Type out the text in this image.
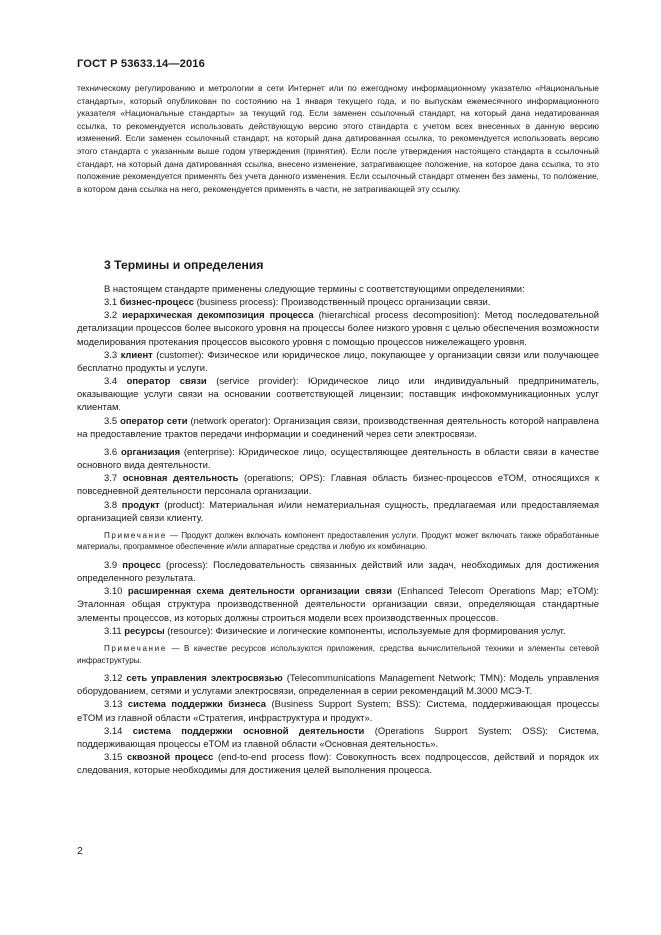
ГОСТ Р 53633.14—2016
техническому регулированию и метрологии в сети Интернет или по ежегодному информационному указателю «Национальные стандарты», который опубликован по состоянию на 1 января текущего года, и по выпускам ежемесячного информационного указателя «Национальные стандарты» за текущий год. Если заменен ссылочный стандарт, на который дана недатированная ссылка, то рекомендуется использовать действующую версию этого стандарта с учетом всех внесенных в данную версию изменений. Если заменен ссылочный стандарт, на который дана датированная ссылка, то рекомендуется использовать версию этого стандарта с указанным выше годом утверждения (принятия). Если после утверждения настоящего стандарта в ссылочный стандарт, на который дана датированная ссылка, внесено изменение, затрагивающее положение, на которое дана ссылка, то это положение рекомендуется применять без учета данного изменения. Если ссылочный стандарт отменен без замены, то положение, в котором дана ссылка на него, рекомендуется применять в части, не затрагивающей эту ссылку.
3 Термины и определения

В настоящем стандарте применены следующие термины с соответствующими определениями:

3.1 бизнес-процесс (business process): Производственный процесс организации связи.

3.2 иерархическая декомпозиция процесса (hierarchical process decomposition): Метод последовательной детализации процессов более высокого уровня на процессы более низкого уровня с целью обеспечения возможности моделирования протекания процессов высокого уровня с помощью процессов нижележащего уровня.

3.3 клиент (customer): Физическое или юридическое лицо, покупающее у организации связи или получающее бесплатно продукты и услуги.

3.4 оператор связи (service provider): Юридическое лицо или индивидуальный предприниматель, оказывающие услуги связи на основании соответствующей лицензии; поставщик инфокоммуникационных услуг клиентам.

3.5 оператор сети (network operator): Организация связи, производственная деятельность которой направлена на предоставление трактов передачи информации и соединений через сети электросвязи.

3.6 организация (enterprise): Юридическое лицо, осуществляющее деятельность в области связи в качестве основного вида деятельности.

3.7 основная деятельность (operations; OPS): Главная область бизнес-процессов eTOM, относящихся к повседневной деятельности персонала организации.

3.8 продукт (product): Материальная и/или нематериальная сущность, предлагаемая или предоставляемая организацией связи клиенту.

Примечание — Продукт должен включать компонент предоставления услуги. Продукт может включать также обработанные материалы, программное обеспечение и/или аппаратные средства и любую их комбинацию.

3.9 процесс (process): Последовательность связанных действий или задач, необходимых для достижения определенного результата.

3.10 расширенная схема деятельности организации связи (Enhanced Telecom Operations Map; eTOM): Эталонная общая структура производственной деятельности организации связи, определяющая стандартные элементы процессов, из которых должны строиться модели всех производственных процессов.

3.11 ресурсы (resource): Физические и логические компоненты, используемые для формирования услуг.

Примечание — В качестве ресурсов используются приложения, средства вычислительной техники и элементы сетевой инфраструктуры.

3.12 сеть управления электросвязью (Telecommunications Management Network; TMN): Модель управления оборудованием, сетями и услугами электросвязи, определенная в серии рекомендаций М.3000 МСЭ-Т.

3.13 система поддержки бизнеса (Business Support System; BSS): Система, поддерживающая процессы eTOM из главной области «Стратегия, инфраструктура и продукт».

3.14 система поддержки основной деятельности (Operations Support System; OSS): Система, поддерживающая процессы eTOM из главной области «Основная деятельность».

3.15 сквозной процесс (end-to-end process flow): Совокупность всех подпроцессов, действий и порядок их следования, которые необходимы для достижения целей выполнения процесса.

2
